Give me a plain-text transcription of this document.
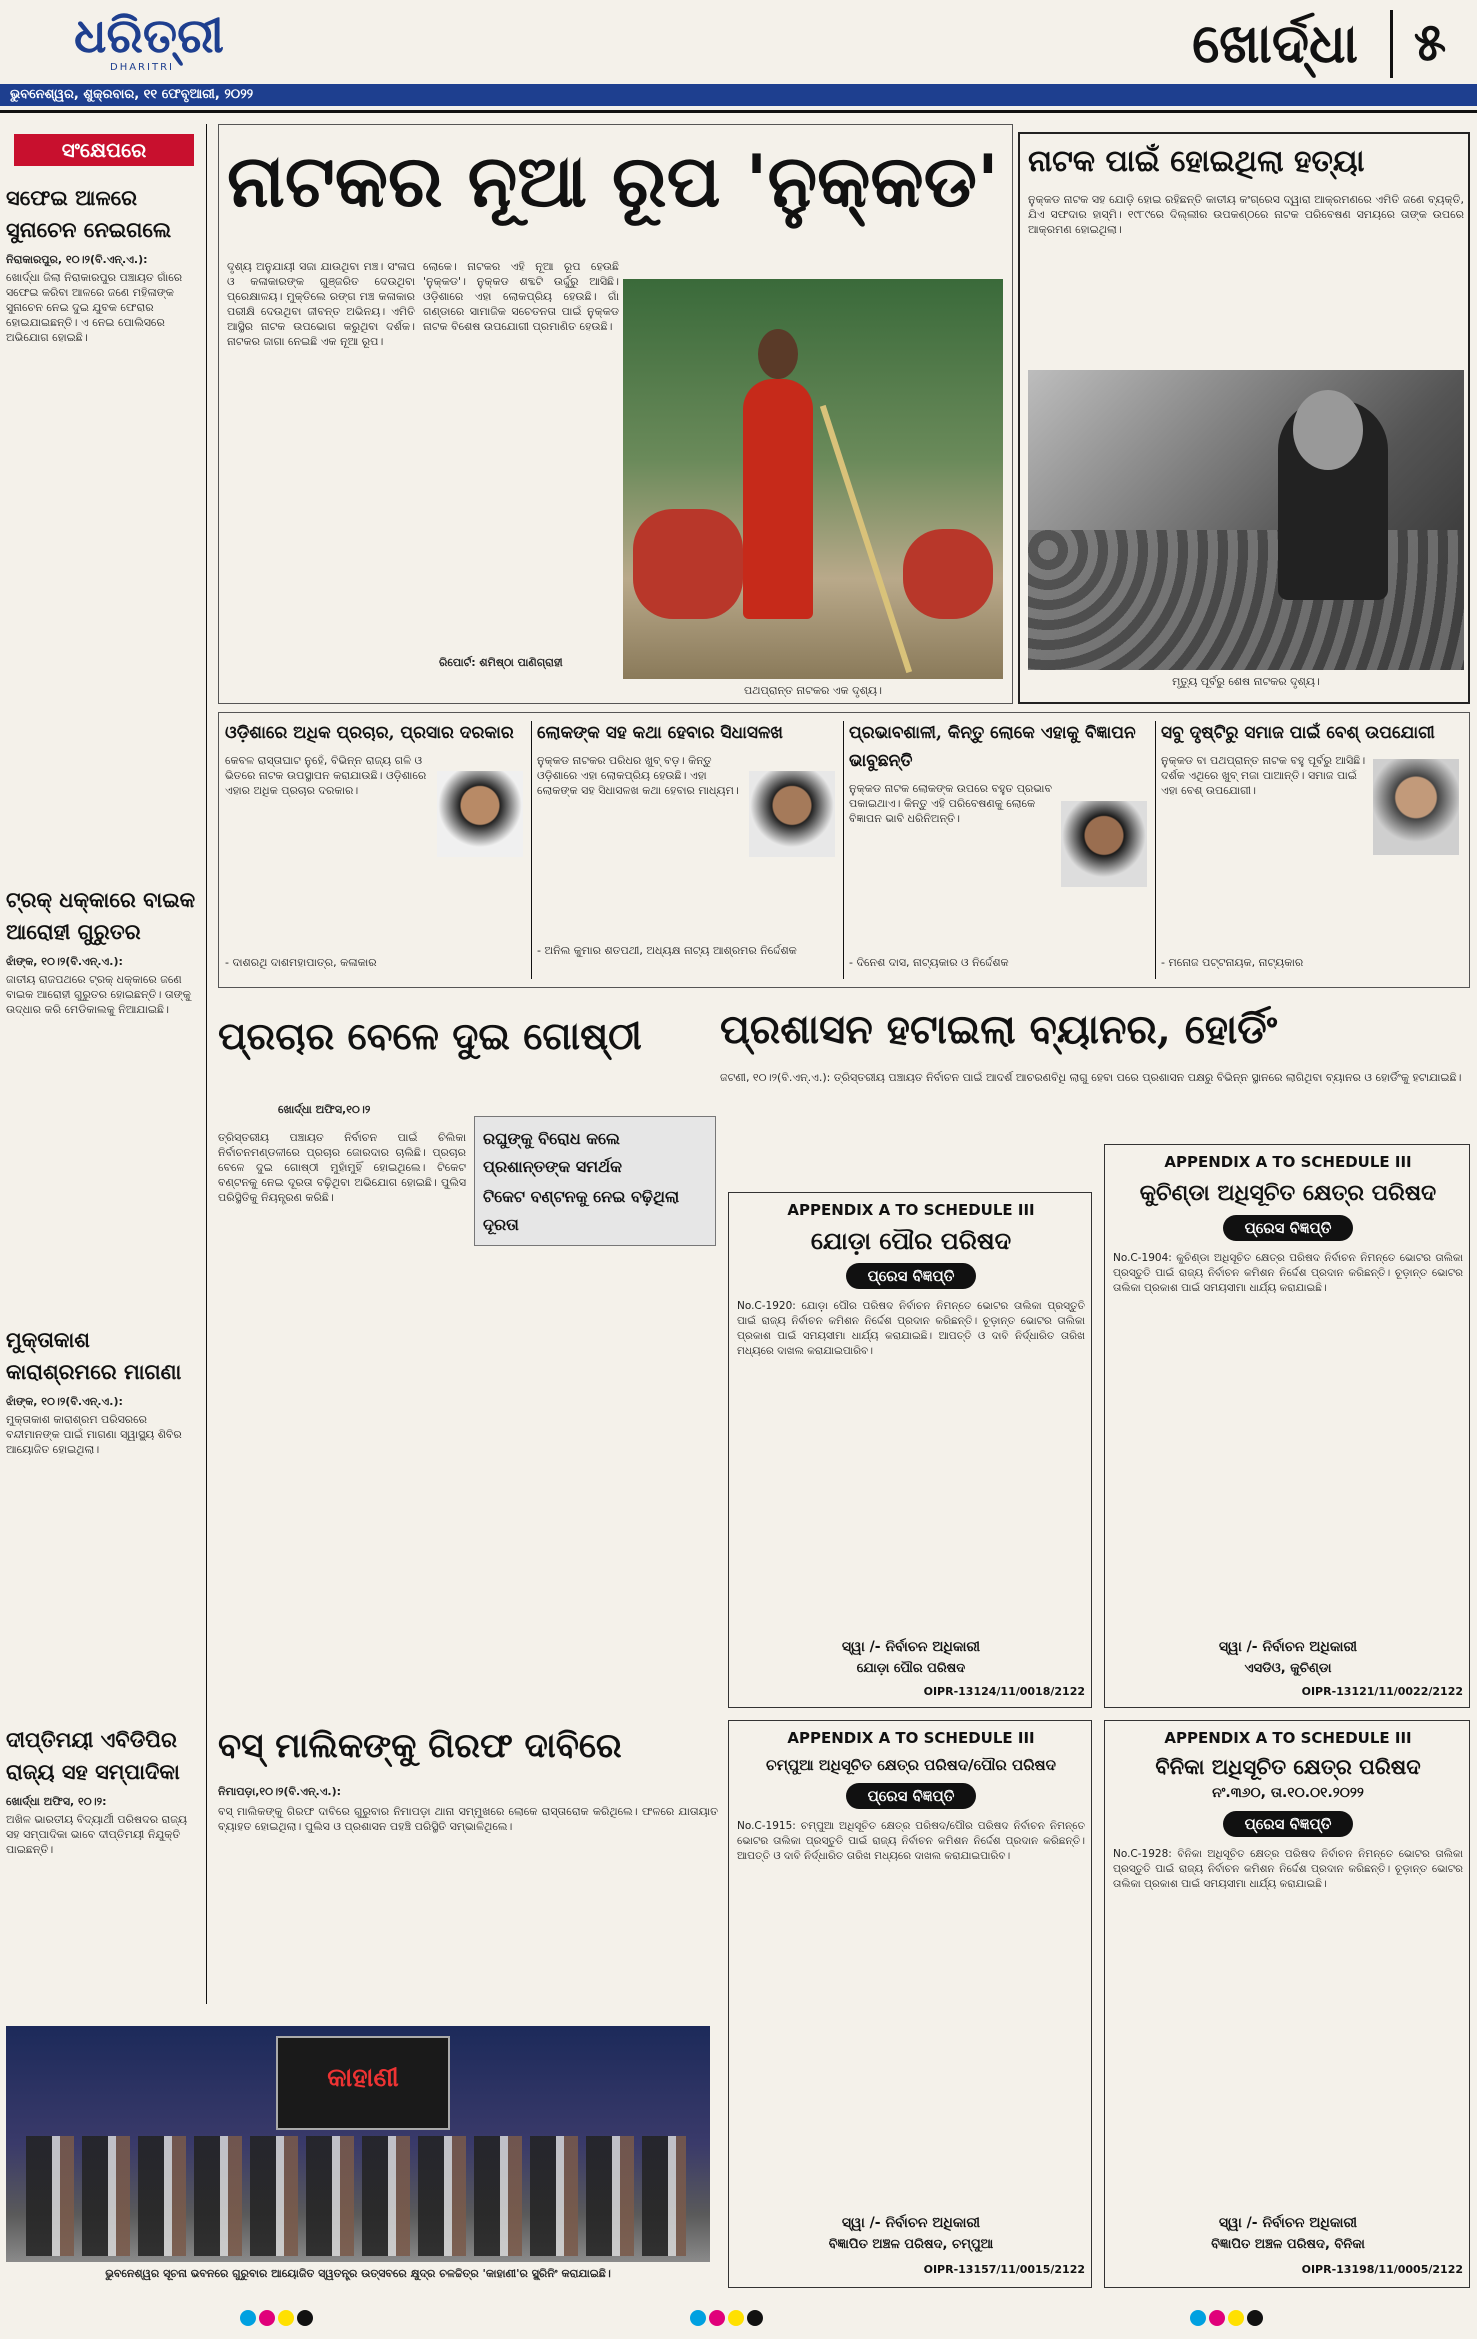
ଧରିତ୍ରୀ
DHARITRI	ଖୋର୍ଦ୍ଧା ୫
ଭୁବନେଶ୍ୱର, ଶୁକ୍ରବାର, ୧୧ ଫେବୃଆରୀ, ୨୦୨୨
ସଂକ୍ଷେପରେ
ସଫେଇ ଆଳରେ ସୁନାଚେନ ନେଇଗଲେ
ନିରାକାରପୁର, ୧୦।୨(ବି.ଏନ୍.ଏ.):
ଖୋର୍ଦ୍ଧା ଜିଲା ନିରାକାରପୁର ପଞ୍ଚାୟତ ଗାଁରେ ସଫେଇ କରିବା ଆଳରେ ଜଣେ ମହିଳାଙ୍କ ସୁନାଚେନ ନେଇ ଦୁଇ ଯୁବକ ଫେରାର ହୋଇଯାଇଛନ୍ତି। ଏ ନେଇ ପୋଲିସରେ ଅଭିଯୋଗ ହୋଇଛି।
ଟ୍ରକ୍ ଧକ୍କାରେ ବାଇକ ଆରୋହୀ ଗୁରୁତର
ଝାଁଙ୍କ, ୧୦।୨(ବି.ଏନ୍.ଏ.):
ଜାତୀୟ ରାଜପଥରେ ଟ୍ରକ୍ ଧକ୍କାରେ ଜଣେ ବାଇକ ଆରୋହୀ ଗୁରୁତର ହୋଇଛନ୍ତି। ତାଙ୍କୁ ଉଦ୍ଧାର କରି ମେଡିକାଲକୁ ନିଆଯାଇଛି।
ମୁକ୍ତାକାଶ କାରାଶ୍ରମରେ ମାଗଣା
ଝାଁଙ୍କ, ୧୦।୨(ବି.ଏନ୍.ଏ.):
ମୁକ୍ତାକାଶ କାରାଶ୍ରମ ପରିସରରେ ବନ୍ଦୀମାନଙ୍କ ପାଇଁ ମାଗଣା ସ୍ୱାସ୍ଥ୍ୟ ଶିବିର ଆୟୋଜିତ ହୋଇଥିଲା।
ଦୀପ୍ତିମୟୀ ଏବିଡିପିର ରାଜ୍ୟ ସହ ସମ୍ପାଦିକା
ଖୋର୍ଦ୍ଧା ଅଫିସ, ୧୦।୨:
ଅଖିଳ ଭାରତୀୟ ବିଦ୍ୟାର୍ଥୀ ପରିଷଦର ରାଜ୍ୟ ସହ ସମ୍ପାଦିକା ଭାବେ ଦୀପ୍ତିମୟୀ ନିଯୁକ୍ତି ପାଇଛନ୍ତି।
ନାଟକର ନୂଆ ରୂପ 'ନୁକ୍କଡ'
ଦୃଶ୍ୟ ଅନୁଯାୟୀ ସଜା ଯାଉଥିବା ମଞ୍ଚ। ସଂଳାପ ଓ କଳାକାରଙ୍କ ଗୁଞ୍ଜରିତ ଦେଉଥିବା ପ୍ରେକ୍ଷାଳୟ। ମୁକ୍ତିଲେ ରଙ୍ଗ ମଞ୍ଚ କଳାକାର ପରୀକ୍ଷି ଦେଉଥିବା ଜୀବନ୍ତ ଅଭିନୟ। ଏମିତି ଆସ୍ଥିର ନାଟକ ଉପଭୋଗ କରୁଥିବା ଦର୍ଶକ। ନାଟକର ଜାଗା ନେଇଛି ଏକ ନୂଆ ରୂପ।
ଲୋକେ। ନାଟକର ଏହି ନୂଆ ରୂପ ହେଉଛି 'ନୁକ୍କଡ'। ନୁକ୍କଡ ଶବ୍ଦଟି ଉର୍ଦ୍ଦୁରୁ ଆସିଛି। ଓଡ଼ିଶାରେ ଏହା ଲୋକପ୍ରିୟ ହେଉଛି। ଗାଁ ଗଣ୍ଡାରେ ସାମାଜିକ ସଚେତନତା ପାଇଁ ନୁକ୍କଡ ନାଟକ ବିଶେଷ ଉପଯୋଗୀ ପ୍ରମାଣିତ ହେଉଛି।
ରିପୋର୍ଟ: ଶମିଷ୍ଠା ପାଣିଗ୍ରାହୀ
ପଥପ୍ରାନ୍ତ ନାଟକର ଏକ ଦୃଶ୍ୟ।
ନାଟକ ପାଇଁ ହୋଇଥିଲା ହତ୍ୟା
ନୁକ୍କଡ ନାଟକ ସହ ଯୋଡ଼ି ହୋଇ ରହିଛନ୍ତି କାତୀୟ କଂଗ୍ରେସ ଦ୍ୱାରା ଆକ୍ରମଣରେ ଏମିତି ଜଣେ ବ୍ୟକ୍ତି, ଯିଏ ସଫଦାର ହାସ୍ମି। ୧୯୮୯ରେ ଦିଲ୍ଲୀର ଉପକଣ୍ଠରେ ନାଟକ ପରିବେଷଣ ସମୟରେ ତାଙ୍କ ଉପରେ ଆକ୍ରମଣ ହୋଇଥିଲା।
ମୃତ୍ୟୁ ପୂର୍ବରୁ ଶେଷ ନାଟକର ଦୃଶ୍ୟ।
ଓଡ଼ିଶାରେ ଅଧିକ ପ୍ରଚାର, ପ୍ରସାର ଦରକାର
କେବଳ ରାସ୍ତାଘାଟ ନୁହେଁ, ବିଭିନ୍ନ ରାଜ୍ୟ ଗଳି ଓ ଭିତରେ ନାଟକ ଉପସ୍ଥାପନ କରାଯାଉଛି। ଓଡ଼ିଶାରେ ଏହାର ଅଧିକ ପ୍ରଚାର ଦରକାର।
- ଦାଶରଥି ଦାଶମହାପାତ୍ର, କଳାକାର
ଲୋକଙ୍କ ସହ କଥା ହେବାର ସିଧାସଳଖ
ନୁକ୍କଡ ନାଟକର ପରିଧର ଖୁବ୍ ବଡ଼। କିନ୍ତୁ ଓଡ଼ିଶାରେ ଏହା ଲୋକପ୍ରିୟ ହେଉଛି। ଏହା ଲୋକଙ୍କ ସହ ସିଧାସଳଖ କଥା ହେବାର ମାଧ୍ୟମ।
- ଅନିଲ କୁମାର ଶତପଥୀ, ଅଧ୍ୟକ୍ଷ ନାଟ୍ୟ ଆଶ୍ରମର ନିର୍ଦ୍ଦେଶକ
ପ୍ରଭାବଶାଳୀ, କିନ୍ତୁ ଲୋକେ ଏହାକୁ ବିଜ୍ଞାପନ ଭାବୁଛନ୍ତି
ନୁକ୍କଡ ନାଟକ ଲୋକଙ୍କ ଉପରେ ବହୁତ ପ୍ରଭାବ ପକାଇଥାଏ। କିନ୍ତୁ ଏହି ପରିବେଷଣକୁ ଲୋକେ ବିଜ୍ଞାପନ ଭାବି ଧରିନିଅନ୍ତି।
- ଦିନେଶ ଦାସ, ନାଟ୍ୟକାର ଓ ନିର୍ଦ୍ଦେଶକ
ସବୁ ଦୃଷ୍ଟିରୁ ସମାଜ ପାଇଁ ବେଶ୍ ଉପଯୋଗୀ
ନୁକ୍କଡ ବା ପଥପ୍ରାନ୍ତ ନାଟକ ବହୁ ପୂର୍ବରୁ ଆସିଛି। ଦର୍ଶକ ଏଥିରେ ଖୁବ୍ ମଜା ପାଆନ୍ତି। ସମାଜ ପାଇଁ ଏହା ବେଶ୍ ଉପଯୋଗୀ।
- ମନୋଜ ପଟ୍ଟନାୟକ, ନାଟ୍ୟକାର
ପ୍ରଚାର ବେଳେ ଦୁଇ ଗୋଷ୍ଠୀ
ଖୋର୍ଦ୍ଧା ଅଫିସ,୧୦।୨
ରଘୁଙ୍କୁ ବିରୋଧ କଲେ ପ୍ରଶାନ୍ତଙ୍କ ସମର୍ଥକ
ଟିକେଟ ବଣ୍ଟନକୁ ନେଇ ବଢ଼ିଥିଲା ଦୂରତା
ତ୍ରିସ୍ତରୀୟ ପଞ୍ଚାୟତ ନିର୍ବାଚନ ପାଇଁ ଚିଲିକା ନିର୍ବାଚନମଣ୍ଡଳୀରେ ପ୍ରଚାର ଜୋରଦାର ଚାଲିଛି। ପ୍ରଚାର ବେଳେ ଦୁଇ ଗୋଷ୍ଠୀ ମୁହାଁମୁହିଁ ହୋଇଥିଲେ। ଟିକେଟ ବଣ୍ଟନକୁ ନେଇ ଦୂରତା ବଢ଼ିଥିବା ଅଭିଯୋଗ ହୋଇଛି। ପୁଲିସ ପରିସ୍ଥିତିକୁ ନିୟନ୍ତ୍ରଣ କରିଛି।
ପ୍ରଶାସନ ହଟାଇଲା ବ୍ୟାନର, ହୋର୍ଡିଂ
ଜଟଣୀ, ୧୦।୨(ବି.ଏନ୍.ଏ.): ତ୍ରିସ୍ତରୀୟ ପଞ୍ଚାୟତ ନିର୍ବାଚନ ପାଇଁ ଆଦର୍ଶ ଆଚରଣବିଧି ଲାଗୁ ହେବା ପରେ ପ୍ରଶାସନ ପକ୍ଷରୁ ବିଭିନ୍ନ ସ୍ଥାନରେ ଲାଗିଥିବା ବ୍ୟାନର ଓ ହୋର୍ଡିଂକୁ ହଟାଯାଇଛି।
APPENDIX A TO SCHEDULE III
ଯୋଡ଼ା ପୌର ପରିଷଦ
ପ୍ରେସ ବିଜ୍ଞପ୍ତି
No.C-1920: ଯୋଡ଼ା ପୌର ପରିଷଦ ନିର୍ବାଚନ ନିମନ୍ତେ ଭୋଟର ତାଲିକା ପ୍ରସ୍ତୁତି ପାଇଁ ରାଜ୍ୟ ନିର୍ବାଚନ କମିଶନ ନିର୍ଦ୍ଦେଶ ପ୍ରଦାନ କରିଛନ୍ତି। ଚୂଡ଼ାନ୍ତ ଭୋଟର ତାଲିକା ପ୍ରକାଶ ପାଇଁ ସମୟସୀମା ଧାର୍ଯ୍ୟ କରାଯାଇଛି। ଆପତ୍ତି ଓ ଦାବି ନିର୍ଦ୍ଧାରିତ ତାରିଖ ମଧ୍ୟରେ ଦାଖଲ କରାଯାଇପାରିବ।
ସ୍ୱା /- ନିର୍ବାଚନ ଅଧିକାରୀ
ଯୋଡ଼ା ପୌର ପରିଷଦ
OIPR-13124/11/0018/2122
APPENDIX A TO SCHEDULE III
କୁଚିଣ୍ଡା ଅଧିସୂଚିତ କ୍ଷେତ୍ର ପରିଷଦ
ପ୍ରେସ ବିଜ୍ଞପ୍ତି
No.C-1904: କୁଚିଣ୍ଡା ଅଧିସୂଚିତ କ୍ଷେତ୍ର ପରିଷଦ ନିର୍ବାଚନ ନିମନ୍ତେ ଭୋଟର ତାଲିକା ପ୍ରସ୍ତୁତି ପାଇଁ ରାଜ୍ୟ ନିର୍ବାଚନ କମିଶନ ନିର୍ଦ୍ଦେଶ ପ୍ରଦାନ କରିଛନ୍ତି। ଚୂଡ଼ାନ୍ତ ଭୋଟର ତାଲିକା ପ୍ରକାଶ ପାଇଁ ସମୟସୀମା ଧାର୍ଯ୍ୟ କରାଯାଇଛି।
ସ୍ୱା /- ନିର୍ବାଚନ ଅଧିକାରୀ
ଏସଡିଓ, କୁଚିଣ୍ଡା
OIPR-13121/11/0022/2122
ବସ୍ ମାଲିକଙ୍କୁ ଗିରଫ ଦାବିରେ
ନିମାପଡ଼ା,୧୦।୨(ବି.ଏନ୍.ଏ.):
ବସ୍ ମାଲିକଙ୍କୁ ଗିରଫ ଦାବିରେ ଗୁରୁବାର ନିମାପଡ଼ା ଥାନା ସମ୍ମୁଖରେ ଲୋକେ ରାସ୍ତାରୋକ କରିଥିଲେ। ଫଳରେ ଯାତାୟାତ ବ୍ୟାହତ ହୋଇଥିଲା। ପୁଲିସ ଓ ପ୍ରଶାସନ ପହଞ୍ଚି ପରିସ୍ଥିତି ସମ୍ଭାଳିଥିଲେ।
APPENDIX A TO SCHEDULE III
ଚମ୍ପୁଆ ଅଧିସୂଚିତ କ୍ଷେତ୍ର ପରିଷଦ/ପୌର ପରିଷଦ
ପ୍ରେସ ବିଜ୍ଞପ୍ତି
No.C-1915: ଚମ୍ପୁଆ ଅଧିସୂଚିତ କ୍ଷେତ୍ର ପରିଷଦ/ପୌର ପରିଷଦ ନିର୍ବାଚନ ନିମନ୍ତେ ଭୋଟର ତାଲିକା ପ୍ରସ୍ତୁତି ପାଇଁ ରାଜ୍ୟ ନିର୍ବାଚନ କମିଶନ ନିର୍ଦ୍ଦେଶ ପ୍ରଦାନ କରିଛନ୍ତି। ଆପତ୍ତି ଓ ଦାବି ନିର୍ଦ୍ଧାରିତ ତାରିଖ ମଧ୍ୟରେ ଦାଖଲ କରାଯାଇପାରିବ।
ସ୍ୱା /- ନିର୍ବାଚନ ଅଧିକାରୀ
ବିଜ୍ଞାପିତ ଅଞ୍ଚଳ ପରିଷଦ, ଚମ୍ପୁଆ
OIPR-13157/11/0015/2122
APPENDIX A TO SCHEDULE III
ବିନିକା ଅଧିସୂଚିତ କ୍ଷେତ୍ର ପରିଷଦ
ନଂ.୩୬୦, ତା.୧୦.୦୧.୨୦୨୨
ପ୍ରେସ ବିଜ୍ଞପ୍ତି
No.C-1928: ବିନିକା ଅଧିସୂଚିତ କ୍ଷେତ୍ର ପରିଷଦ ନିର୍ବାଚନ ନିମନ୍ତେ ଭୋଟର ତାଲିକା ପ୍ରସ୍ତୁତି ପାଇଁ ରାଜ୍ୟ ନିର୍ବାଚନ କମିଶନ ନିର୍ଦ୍ଦେଶ ପ୍ରଦାନ କରିଛନ୍ତି। ଚୂଡ଼ାନ୍ତ ଭୋଟର ତାଲିକା ପ୍ରକାଶ ପାଇଁ ସମୟସୀମା ଧାର୍ଯ୍ୟ କରାଯାଇଛି।
ସ୍ୱା /- ନିର୍ବାଚନ ଅଧିକାରୀ
ବିଜ୍ଞାପିତ ଅଞ୍ଚଳ ପରିଷଦ, ବିନିକା
OIPR-13198/11/0005/2122
କାହାଣୀ
ଭୁବନେଶ୍ୱର ସୂଚନା ଭବନରେ ଗୁରୁବାର ଆୟୋଜିତ ସ୍ୱତନ୍ତ୍ର ଉତ୍ସବରେ କ୍ଷୁଦ୍ର ଚଳଚ୍ଚିତ୍ର 'କାହାଣୀ'ର ସ୍କ୍ରିନିଂ କରାଯାଇଛି।
